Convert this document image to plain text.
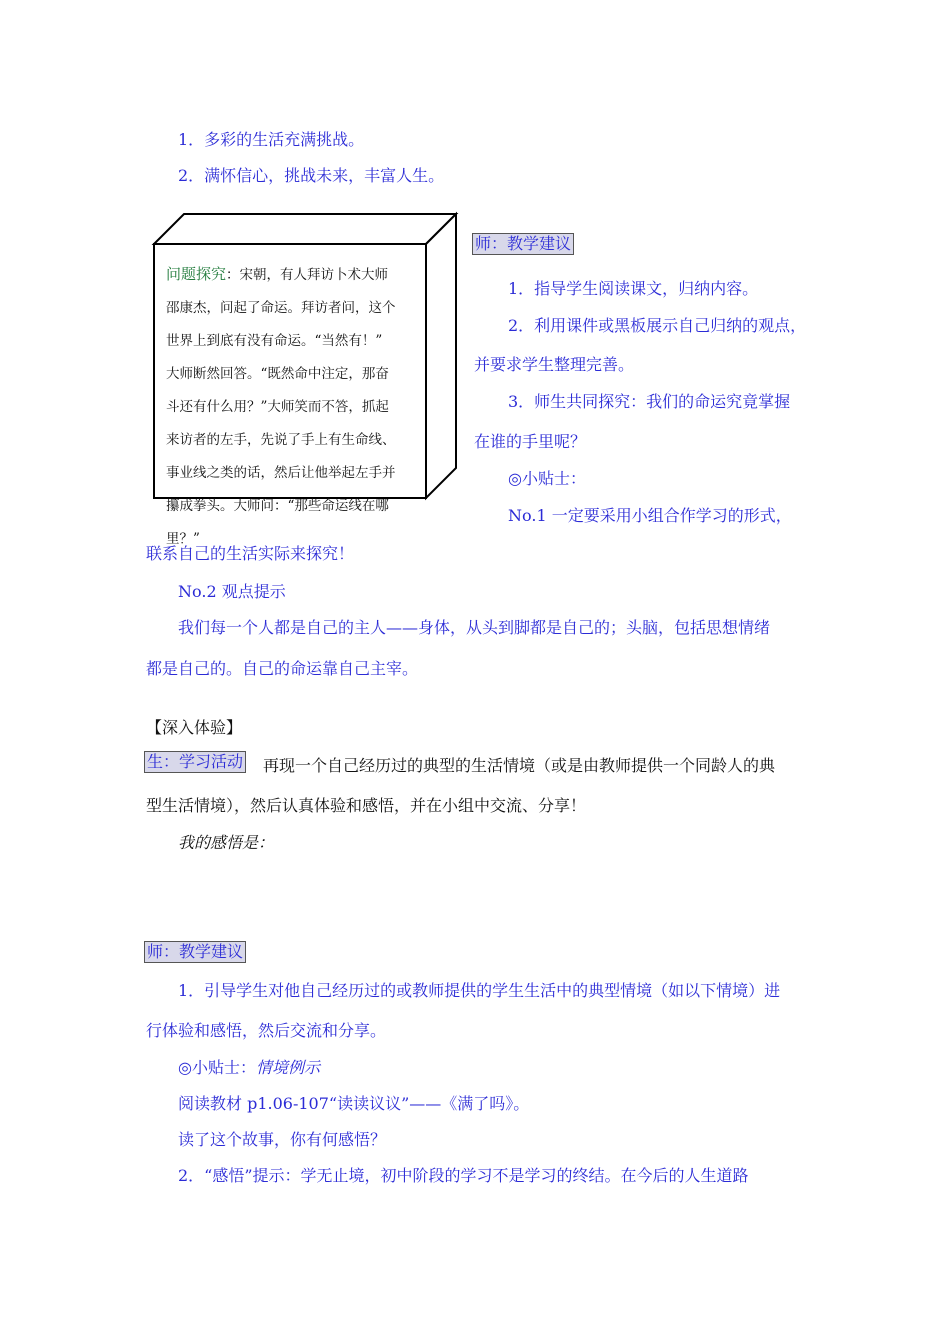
1．多彩的生活充满挑战。
2．满怀信心，挑战未来，丰富人生。
问题探究：宋朝，有人拜访卜术大师
邵康杰，问起了命运。拜访者问，这个
世界上到底有没有命运。“当然有！”
大师断然回答。“既然命中注定，那奋
斗还有什么用？”大师笑而不答，抓起
来访者的左手，先说了手上有生命线、
事业线之类的话，然后让他举起左手并
攥成拳头。大师问：“那些命运线在哪
里？”
师：教学建议
1．指导学生阅读课文，归纳内容。
2．利用课件或黑板展示自己归纳的观点，
并要求学生整理完善。
3．师生共同探究：我们的命运究竟掌握
在谁的手里呢？
◎小贴士：
No.1 一定要采用小组合作学习的形式，
联系自己的生活实际来探究！
No.2 观点提示
我们每一个人都是自己的主人——身体，从头到脚都是自己的；头脑，包括思想情绪
都是自己的。自己的命运靠自己主宰。
【深入体验】
生：学习活动 再现一个自己经历过的典型的生活情境（或是由教师提供一个同龄人的典
型生活情境），然后认真体验和感悟，并在小组中交流、分享！
我的感悟是：
师：教学建议
1．引导学生对他自己经历过的或教师提供的学生生活中的典型情境（如以下情境）进
行体验和感悟，然后交流和分享。
◎小贴士：情境例示
阅读教材 p1.06-107“读读议议”——《满了吗》。
读了这个故事，你有何感悟？
2．“感悟”提示：学无止境，初中阶段的学习不是学习的终结。在今后的人生道路
